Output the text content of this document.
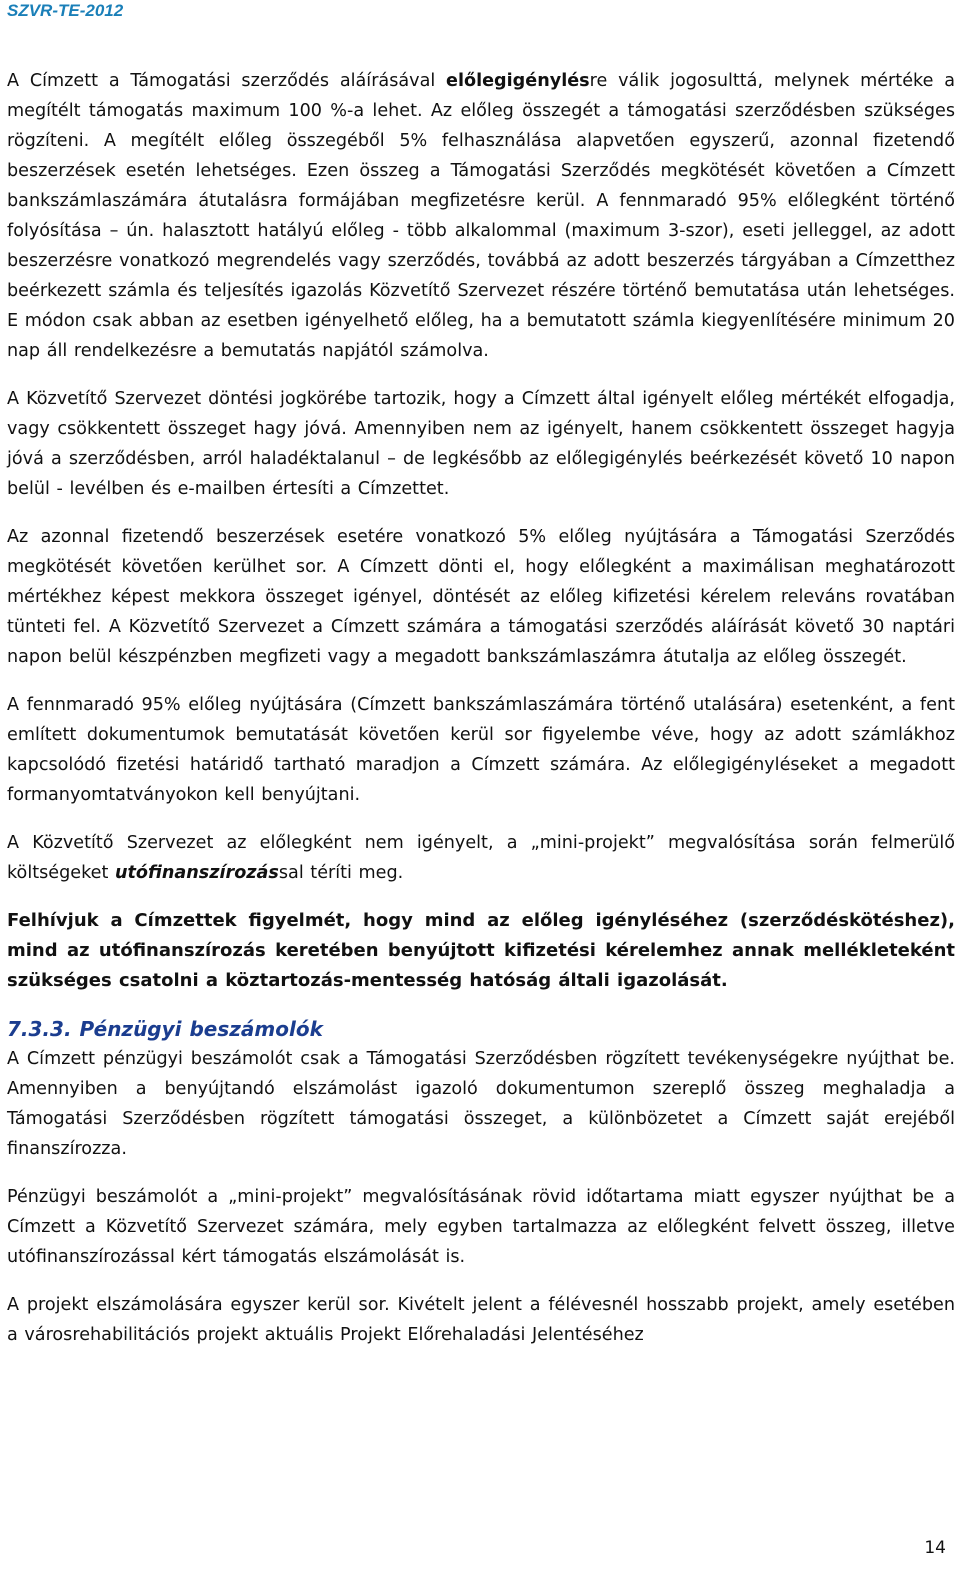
SZVR-TE-2012

A Címzett a Támogatási szerződés aláírásával előlegigénylésre válik jogosulttá, melynek mértéke a megítélt támogatás maximum 100 %-a lehet. Az előleg összegét a támogatási szerződésben szükséges rögzíteni. A megítélt előleg összegéből 5% felhasználása alapvetően egyszerű, azonnal fizetendő beszerzések esetén lehetséges. Ezen összeg a Támogatási Szerződés megkötését követően a Címzett bankszámlaszámára átutalásra formájában megfizetésre kerül. A fennmaradó 95% előlegként történő folyósítása – ún. halasztott hatályú előleg - több alkalommal (maximum 3-szor), eseti jelleggel, az adott beszerzésre vonatkozó megrendelés vagy szerződés, továbbá az adott beszerzés tárgyában a Címzetthez beérkezett számla és teljesítés igazolás Közvetítő Szervezet részére történő bemutatása után lehetséges. E módon csak abban az esetben igényelhető előleg, ha a bemutatott számla kiegyenlítésére minimum 20 nap áll rendelkezésre a bemutatás napjától számolva.

A Közvetítő Szervezet döntési jogkörébe tartozik, hogy a Címzett által igényelt előleg mértékét elfogadja, vagy csökkentett összeget hagy jóvá. Amennyiben nem az igényelt, hanem csökkentett összeget hagyja jóvá a szerződésben, arról haladéktalanul – de legkésőbb az előlegigénylés beérkezését követő 10 napon belül - levélben és e-mailben értesíti a Címzettet.

Az azonnal fizetendő beszerzések esetére vonatkozó 5% előleg nyújtására a Támogatási Szerződés megkötését követően kerülhet sor. A Címzett dönti el, hogy előlegként a maximálisan meghatározott mértékhez képest mekkora összeget igényel, döntését az előleg kifizetési kérelem releváns rovatában tünteti fel. A Közvetítő Szervezet a Címzett számára a támogatási szerződés aláírását követő 30 naptári napon belül készpénzben megfizeti vagy a megadott bankszámlaszámra átutalja az előleg összegét.

A fennmaradó 95% előleg nyújtására (Címzett bankszámlaszámára történő utalására) esetenként, a fent említett dokumentumok bemutatását követően kerül sor figyelembe véve, hogy az adott számlákhoz kapcsolódó fizetési határidő tartható maradjon a Címzett számára. Az előlegigényléseket a megadott formanyomtatványokon kell benyújtani.

A Közvetítő Szervezet az előlegként nem igényelt, a „mini-projekt” megvalósítása során felmerülő költségeket utófinanszírozással téríti meg.

Felhívjuk a Címzettek figyelmét, hogy mind az előleg igényléséhez (szerződéskötéshez), mind az utófinanszírozás keretében benyújtott kifizetési kérelemhez annak mellékleteként szükséges csatolni a köztartozás-mentesség hatóság általi igazolását.

7.3.3. Pénzügyi beszámolók

A Címzett pénzügyi beszámolót csak a Támogatási Szerződésben rögzített tevékenységekre nyújthat be. Amennyiben a benyújtandó elszámolást igazoló dokumentumon szereplő összeg meghaladja a Támogatási Szerződésben rögzített támogatási összeget, a különbözetet a Címzett saját erejéből finanszírozza.

Pénzügyi beszámolót a „mini-projekt” megvalósításának rövid időtartama miatt egyszer nyújthat be a Címzett a Közvetítő Szervezet számára, mely egyben tartalmazza az előlegként felvett összeg, illetve utófinanszírozással kért támogatás elszámolását is.

A projekt elszámolására egyszer kerül sor. Kivételt jelent a félévesnél hosszabb projekt, amely esetében a városrehabilitációs projekt aktuális Projekt Előrehaladási Jelentéséhez

14
